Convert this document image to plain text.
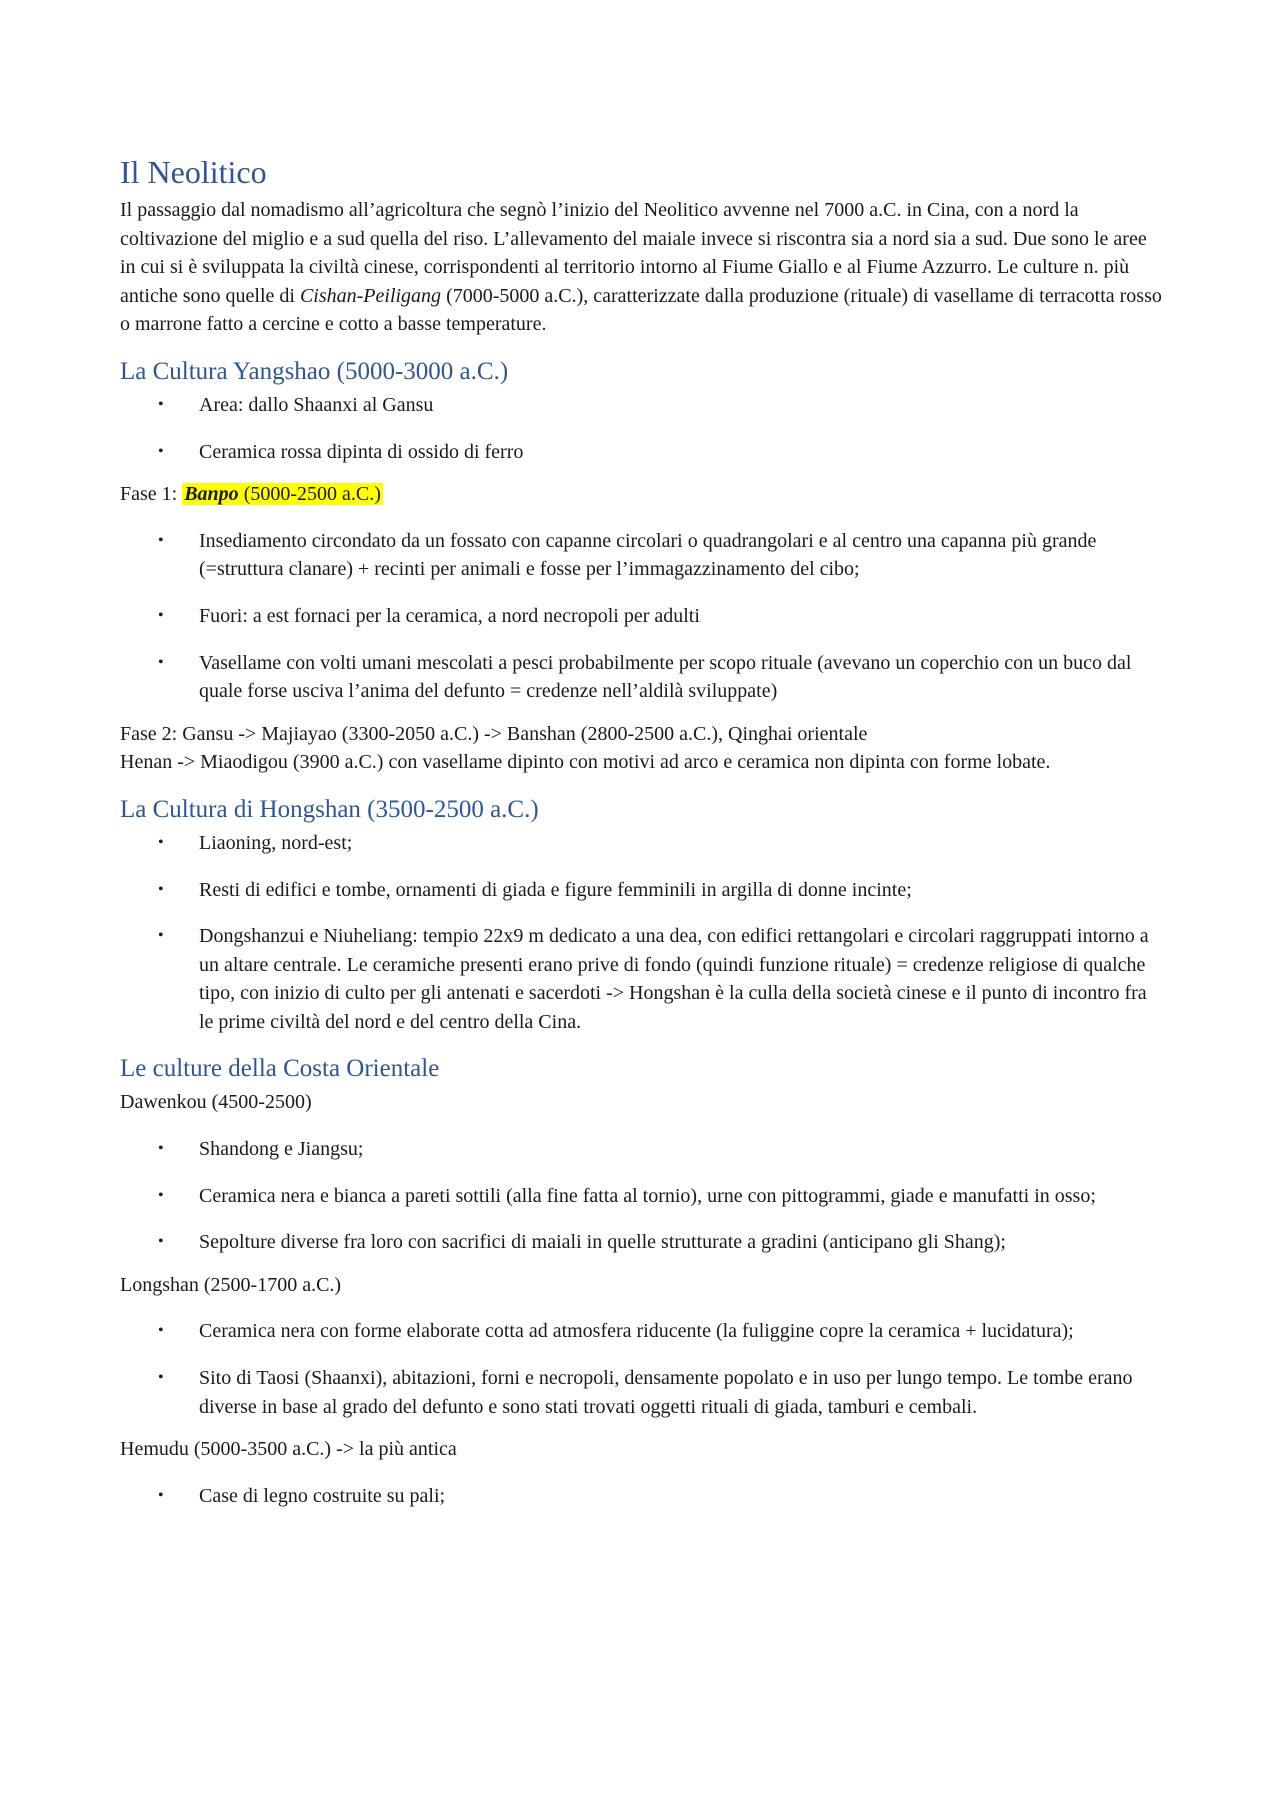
Il Neolitico

Il passaggio dal nomadismo all’agricoltura che segnò l’inizio del Neolitico avvenne nel 7000 a.C. in Cina, con a nord la coltivazione del miglio e a sud quella del riso. L’allevamento del maiale invece si riscontra sia a nord sia a sud. Due sono le aree in cui si è sviluppata la civiltà cinese, corrispondenti al territorio intorno al Fiume Giallo e al Fiume Azzurro. Le culture n. più antiche sono quelle di Cishan-Peiligang (7000-5000 a.C.), caratterizzate dalla produzione (rituale) di vasellame di terracotta rosso o marrone fatto a cercine e cotto a basse temperature.

La Cultura Yangshao (5000-3000 a.C.)
• Area: dallo Shaanxi al Gansu
• Ceramica rossa dipinta di ossido di ferro

Fase 1: Banpo (5000-2500 a.C.)

• Insediamento circondato da un fossato con capanne circolari o quadrangolari e al centro una capanna più grande (=struttura clanare) + recinti per animali e fosse per l’immagazzinamento del cibo;
• Fuori: a est fornaci per la ceramica, a nord necropoli per adulti
• Vasellame con volti umani mescolati a pesci probabilmente per scopo rituale (avevano un coperchio con un buco dal quale forse usciva l’anima del defunto = credenze nell’aldilà sviluppate)

Fase 2: Gansu -> Majiayao (3300-2050 a.C.) -> Banshan (2800-2500 a.C.), Qinghai orientale

Henan -> Miaodigou (3900 a.C.) con vasellame dipinto con motivi ad arco e ceramica non dipinta con forme lobate.

La Cultura di Hongshan (3500-2500 a.C.)
• Liaoning, nord-est;
• Resti di edifici e tombe, ornamenti di giada e figure femminili in argilla di donne incinte;
• Dongshanzui e Niuheliang: tempio 22x9 m dedicato a una dea, con edifici rettangolari e circolari raggruppati intorno a un altare centrale. Le ceramiche presenti erano prive di fondo (quindi funzione rituale) = credenze religiose di qualche tipo, con inizio di culto per gli antenati e sacerdoti -> Hongshan è la culla della società cinese e il punto di incontro fra le prime civiltà del nord e del centro della Cina.
Le culture della Costa Orientale

Dawenkou (4500-2500)

• Shandong e Jiangsu;
• Ceramica nera e bianca a pareti sottili (alla fine fatta al tornio), urne con pittogrammi, giade e manufatti in osso;
• Sepolture diverse fra loro con sacrifici di maiali in quelle strutturate a gradini (anticipano gli Shang);

Longshan (2500-1700 a.C.)

• Ceramica nera con forme elaborate cotta ad atmosfera riducente (la fuliggine copre la ceramica + lucidatura);
• Sito di Taosi (Shaanxi), abitazioni, forni e necropoli, densamente popolato e in uso per lungo tempo. Le tombe erano diverse in base al grado del defunto e sono stati trovati oggetti rituali di giada, tamburi e cembali.

Hemudu (5000-3500 a.C.) -> la più antica

• Case di legno costruite su pali;
